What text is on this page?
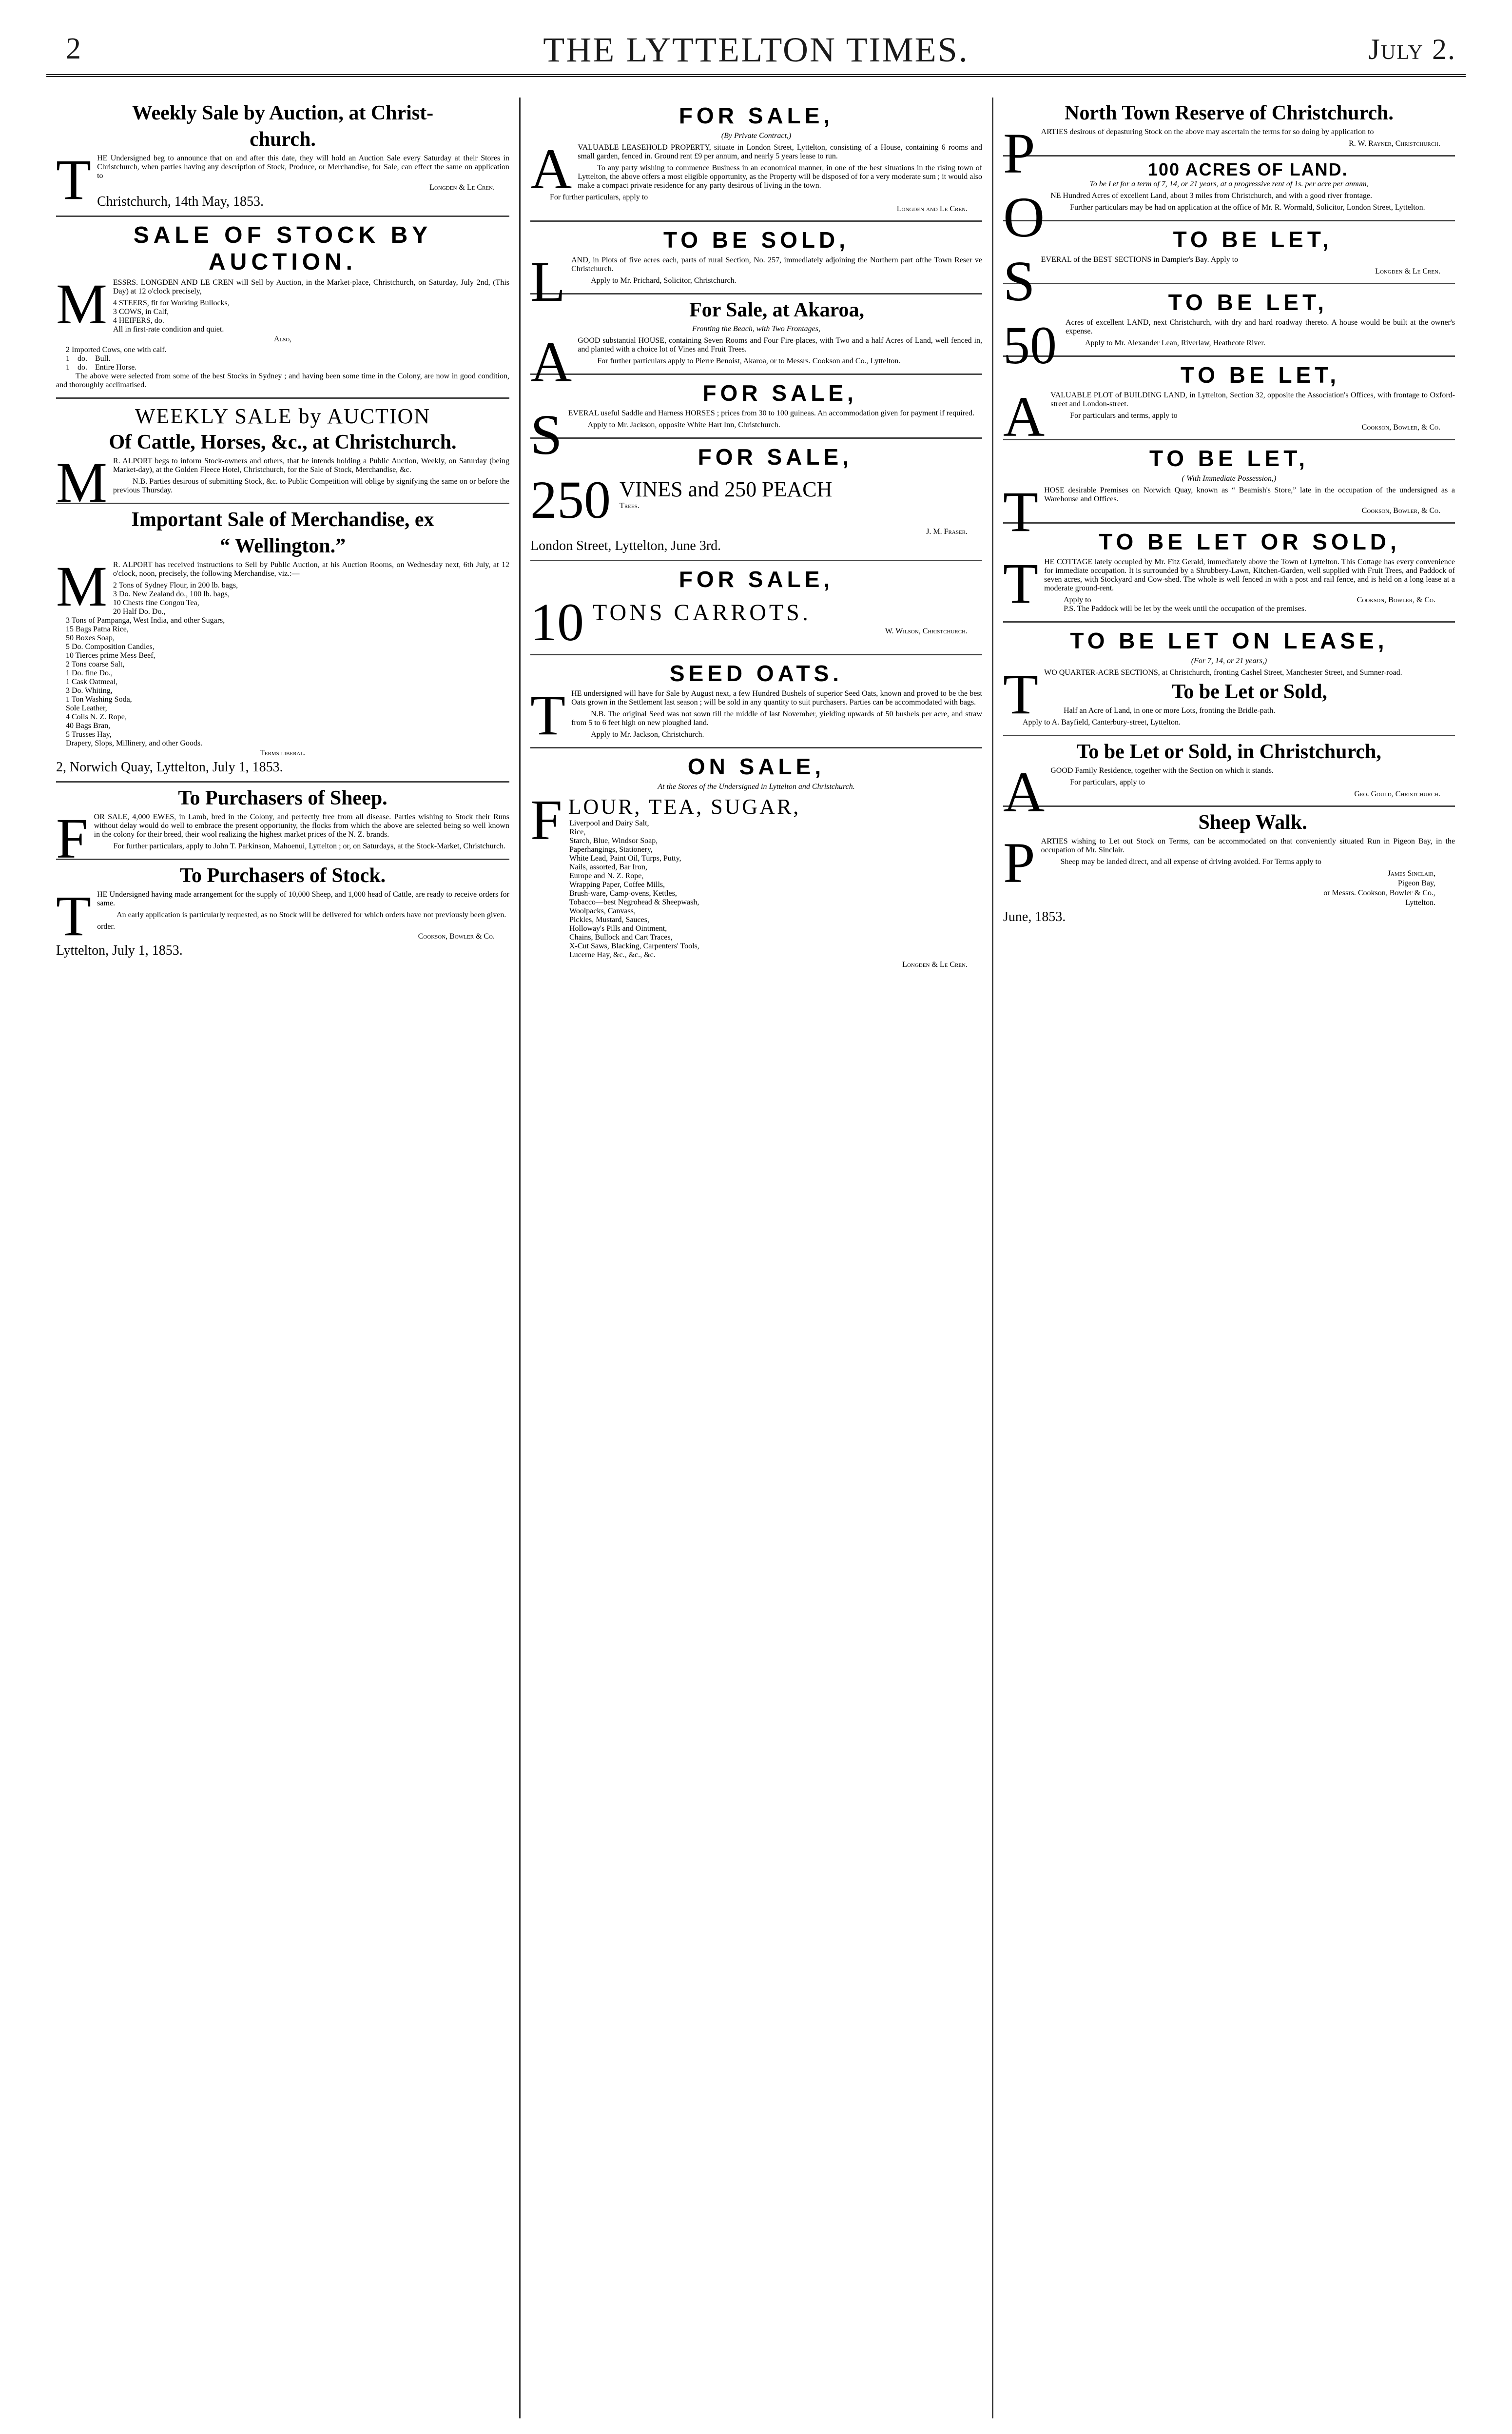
2	THE LYTTELTON TIMES.	July 2.
Weekly Sale by Auction, at Christ-
church.

THE Undersigned beg to announce that on and after this date, they will hold an Auction Sale every Saturday at their Stores in Christchurch, when parties having any description of Stock, Produce, or Merchandise, for Sale, can effect the same on application to

Longden & Le Cren.
Christchurch, 14th May, 1853.
SALE OF STOCK BY AUCTION.

MESSRS. LONGDEN AND LE CREN will Sell by Auction, in the Market-place, Christchurch, on Saturday, July 2nd, (This Day) at 12 o'clock precisely,

4 STEERS, fit for Working Bullocks,
3 COWS, in Calf,
4 HEIFERS, do.
All in first-rate condition and quiet.
Also,
2 Imported Cows, one with calf.
1    do.    Bull.
1    do.    Entire Horse.

The above were selected from some of the best Stocks in Sydney ; and having been some time in the Colony, are now in good condition, and thoroughly acclimatised.

WEEKLY SALE by AUCTION
Of Cattle, Horses, &c., at Christchurch.

M R. ALPORT begs to inform Stock-owners and others, that he intends holding a Public Auction, Weekly, on Saturday (being Market-day), at the Golden Fleece Hotel, Christchurch, for the Sale of Stock, Merchandise, &c.

N.B. Parties desirous of submitting Stock, &c. to Public Competition will oblige by signifying the same on or before the previous Thursday.

Important Sale of Merchandise, ex
“ Wellington.”

M R. ALPORT has received instructions to Sell by Public Auction, at his Auction Rooms, on Wednesday next, 6th July, at 12 o'clock, noon, precisely, the following Merchandise, viz.:—

2 Tons of Sydney Flour, in 200 lb. bags,
3 Do. New Zealand do., 100 lb. bags,
10 Chests fine Congou Tea,
20 Half Do. Do.,
3 Tons of Pampanga, West India, and other Sugars,
15 Bags Patna Rice,
50 Boxes Soap,
5 Do. Composition Candles,
10 Tierces prime Mess Beef,
2 Tons coarse Salt,
1 Do. fine Do.,
1 Cask Oatmeal,
3 Do. Whiting,
1 Ton Washing Soda,
Sole Leather,
4 Coils N. Z. Rope,
40 Bags Bran,
5 Trusses Hay,
Drapery, Slops, Millinery, and other Goods.
Terms liberal.
2, Norwich Quay, Lyttelton, July 1, 1853.
To Purchasers of Sheep.

FOR SALE, 4,000 EWES, in Lamb, bred in the Colony, and perfectly free from all disease. Parties wishing to Stock their Runs without delay would do well to embrace the present opportunity, the flocks from which the above are selected being so well known in the colony for their breed, their wool realizing the highest market prices of the N. Z. brands.

For further particulars, apply to John T. Parkinson, Mahoenui, Lyttelton ; or, on Saturdays, at the Stock-Market, Christchurch.

To Purchasers of Stock.

THE Undersigned having made arrangement for the supply of 10,000 Sheep, and 1,000 head of Cattle, are ready to receive orders for same.

An early application is particularly requested, as no Stock will be delivered for which orders have not previously been given.

order.
Cookson, Bowler & Co.
Lyttelton, July 1, 1853.
FOR SALE,
(By Private Contract,)

AVALUABLE LEASEHOLD PROPERTY, situate in London Street, Lyttelton, consisting of a House, containing 6 rooms and small garden, fenced in. Ground rent £9 per annum, and nearly 5 years lease to run.

To any party wishing to commence Business in an economical manner, in one of the best situations in the rising town of Lyttelton, the above offers a most eligible opportunity, as the Property will be disposed of for a very moderate sum ; it would also make a compact private residence for any party desirous of living in the town.

For further particulars, apply to

Longden and Le Cren.
TO BE SOLD,

LAND, in Plots of five acres each, parts of rural Section, No. 257, immediately adjoining the Northern part ofthe Town Reser ve Christchurch.

Apply to Mr. Prichard, Solicitor, Christchurch.

For Sale, at Akaroa,
Fronting the Beach, with Two Frontages,

AGOOD substantial HOUSE, containing Seven Rooms and Four Fire-places, with Two and a half Acres of Land, well fenced in, and planted with a choice lot of Vines and Fruit Trees.

For further particulars apply to Pierre Benoist, Akaroa, or to Messrs. Cookson and Co., Lyttelton.

FOR SALE,

SEVERAL useful Saddle and Harness HORSES ; prices from 30 to 100 guineas. An accommodation given for payment if required.

Apply to Mr. Jackson, opposite White Hart Inn, Christchurch.

FOR SALE,
250 VINES and 250 PEACH
Trees.
J. M. Fraser.
London Street, Lyttelton, June 3rd.
FOR SALE,
10 TONS CARROTS.
W. Wilson, Christchurch.
SEED OATS.

THE undersigned will have for Sale by August next, a few Hundred Bushels of superior Seed Oats, known and proved to be the best Oats grown in the Settlement last season ; will be sold in any quantity to suit purchasers. Parties can be accommodated with bags.

N.B. The original Seed was not sown till the middle of last November, yielding upwards of 50 bushels per acre, and straw from 5 to 6 feet high on new ploughed land.

Apply to Mr. Jackson, Christchurch.

ON SALE,
At the Stores of the Undersigned in Lyttelton and Christchurch.
FLOUR, TEA, SUGAR,
Liverpool and Dairy Salt,
Rice,
Starch, Blue, Windsor Soap,
Paperhangings, Stationery,
White Lead, Paint Oil, Turps, Putty,
Nails, assorted, Bar Iron,
Europe and N. Z. Rope,
Wrapping Paper, Coffee Mills,
Brush-ware, Camp-ovens, Kettles,
Tobacco—best Negrohead & Sheepwash,
Woolpacks, Canvass,
Pickles, Mustard, Sauces,
Holloway's Pills and Ointment,
Chains, Bullock and Cart Traces,
X-Cut Saws, Blacking, Carpenters' Tools,
Lucerne Hay, &c., &c., &c.
Longden & Le Cren.
North Town Reserve of Christchurch.

PARTIES desirous of depasturing Stock on the above may ascertain the terms for so doing by application to

R. W. Rayner, Christchurch.
100 ACRES OF LAND.
To be Let for a term of 7, 14, or 21 years, at a progressive rent of 1s. per acre per annum,

ONE Hundred Acres of excellent Land, about 3 miles from Christchurch, and with a good river frontage.

Further particulars may be had on application at the office of Mr. R. Wormald, Solicitor, London Street, Lyttelton.

TO BE LET,

SEVERAL of the BEST SECTIONS in Dampier's Bay. Apply to

Longden & Le Cren.
TO BE LET,

50 Acres of excellent LAND, next Christchurch, with dry and hard roadway thereto. A house would be built at the owner's expense.

Apply to Mr. Alexander Lean, Riverlaw, Heathcote River.

TO BE LET,

AVALUABLE PLOT of BUILDING LAND, in Lyttelton, Section 32, opposite the Association's Offices, with frontage to Oxford-street and London-street.

For particulars and terms, apply to

Cookson, Bowler, & Co.
TO BE LET,
( With Immediate Possession,)

THOSE desirable Premises on Norwich Quay, known as “ Beamish's Store,” late in the occupation of the undersigned as a Warehouse and Offices.

Cookson, Bowler, & Co.
TO BE LET OR SOLD,

THE COTTAGE lately occupied by Mr. Fitz Gerald, immediately above the Town of Lyttelton. This Cottage has every convenience for immediate occupation. It is surrounded by a Shrubbery-Lawn, Kitchen-Garden, well supplied with Fruit Trees, and Paddock of seven acres, with Stockyard and Cow-shed. The whole is well fenced in with a post and rail fence, and is held on a long lease at a moderate ground-rent.

Apply to	Cookson, Bowler, & Co.

P.S. The Paddock will be let by the week until the occupation of the premises.

TO BE LET ON LEASE,
(For 7, 14, or 21 years,)

TWO QUARTER-ACRE SECTIONS, at Christchurch, fronting Cashel Street, Manchester Street, and Sumner-road.

To be Let or Sold,

Half an Acre of Land, in one or more Lots, fronting the Bridle-path.

Apply to A. Bayfield, Canterbury-street, Lyttelton.

To be Let or Sold, in Christchurch,

AGOOD Family Residence, together with the Section on which it stands.

For particulars, apply to

Geo. Gould, Christchurch.
Sheep Walk.

PARTIES wishing to Let out Stock on Terms, can be accommodated on that conveniently situated Run in Pigeon Bay, in the occupation of Mr. Sinclair.

Sheep may be landed direct, and all expense of driving avoided. For Terms apply to

James Sinclair,
Pigeon Bay,
or Messrs. Cookson, Bowler & Co.,
Lyttelton.
June, 1853.
